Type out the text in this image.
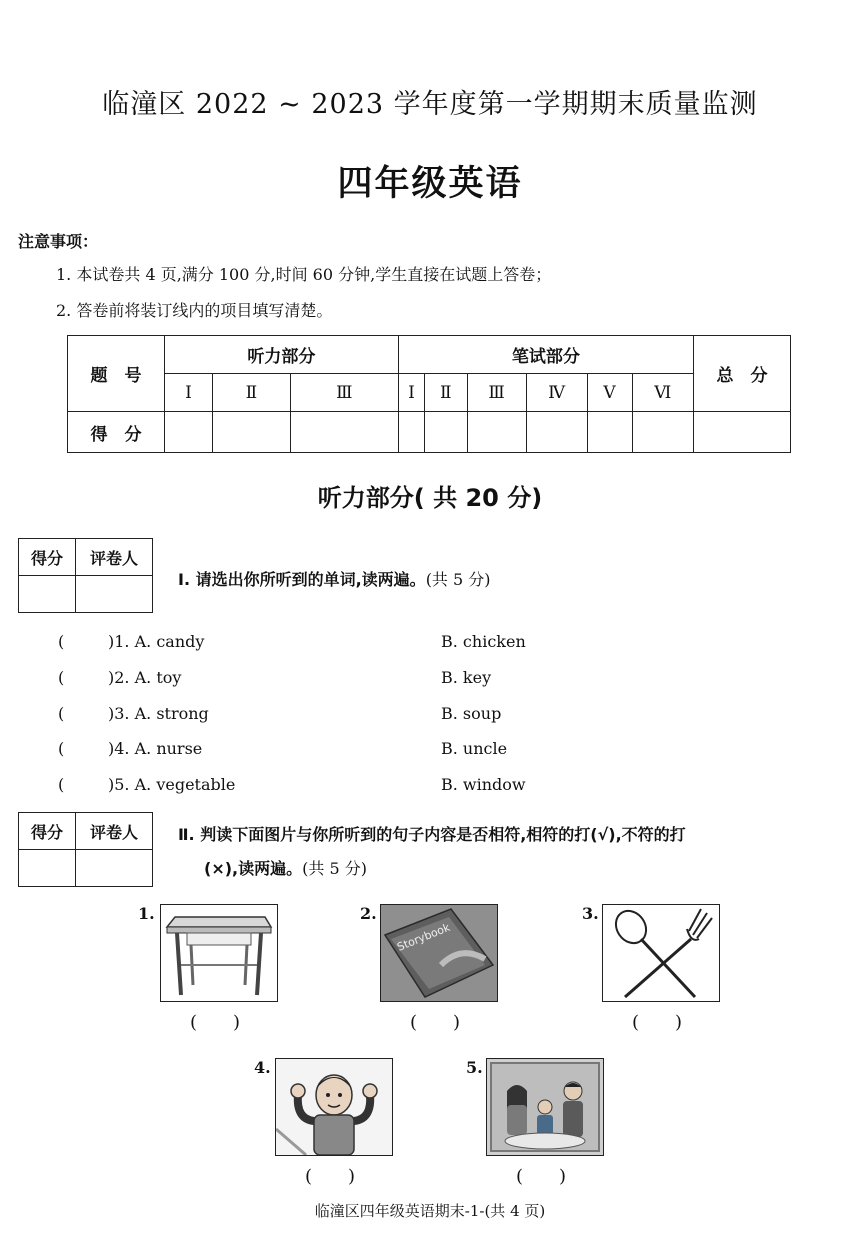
临潼区 2022 ~ 2023 学年度第一学期期末质量监测
四年级英语
注意事项：
1. 本试卷共 4 页,满分 100 分,时间 60 分钟,学生直接在试题上答卷；
2. 答卷前将装订线内的项目填写清楚。
题　号	听力部分			笔试部分						总　分
	Ⅰ	Ⅱ	Ⅲ	Ⅰ	Ⅱ	Ⅲ	Ⅳ	Ⅴ	Ⅵ	
得　分										
听力部分( 共 20 分)
得分	评卷人

Ⅰ. 请选出你所听到的单词,读两遍。(共 5 分)
(	)1. A. candy	B. chicken
(	)2. A. toy	B. key
(	)3. A. strong	B. soup
(	)4. A. nurse	B. uncle
(	)5. A. vegetable	B. window
得分	评卷人
		Ⅱ. 判读下面图片与你所听到的句子内容是否相符,相符的打(√),不符的打
(×),读两遍。(共 5 分)
1.
(　　)
2.
Storybook
(　　)
3.
(　　)
4.
(　　)
5.
(　　)
临潼区四年级英语期末-1-(共 4 页)
